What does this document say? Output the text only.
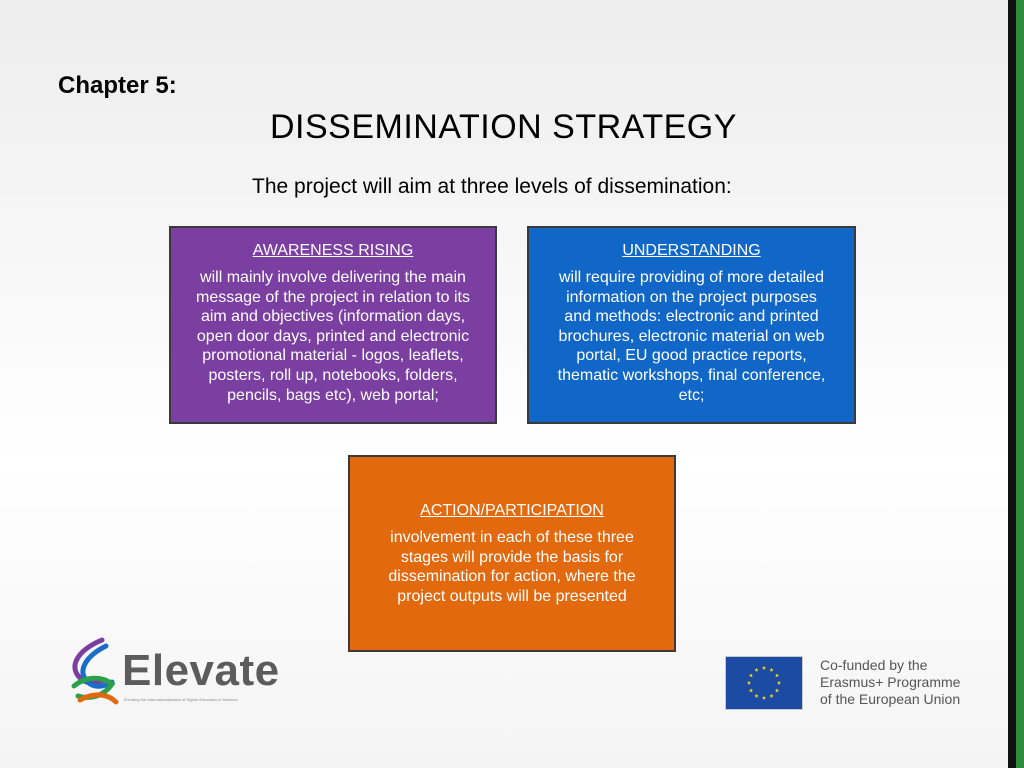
Chapter 5:
DISSEMINATION STRATEGY
The project will aim at three levels of dissemination:
AWARENESS RISING
will mainly involve delivering the main
message of the project in relation to its
aim and objectives (information days,
open door days, printed and electronic
promotional material - logos, leaflets,
posters, roll up, notebooks, folders,
pencils, bags etc), web portal;
UNDERSTANDING
will require providing of more detailed
information on the project purposes
and methods: electronic and printed
brochures, electronic material on web
portal, EU good practice reports,
thematic workshops, final conference,
etc;
ACTION/PARTICIPATION
involvement in each of these three
stages will provide the basis for
dissemination for action, where the
project outputs will be presented
Elevate
Enrolling the Internationalisation of Higher Education in Moldova
Co-funded by the
Erasmus+ Programme
of the European Union
